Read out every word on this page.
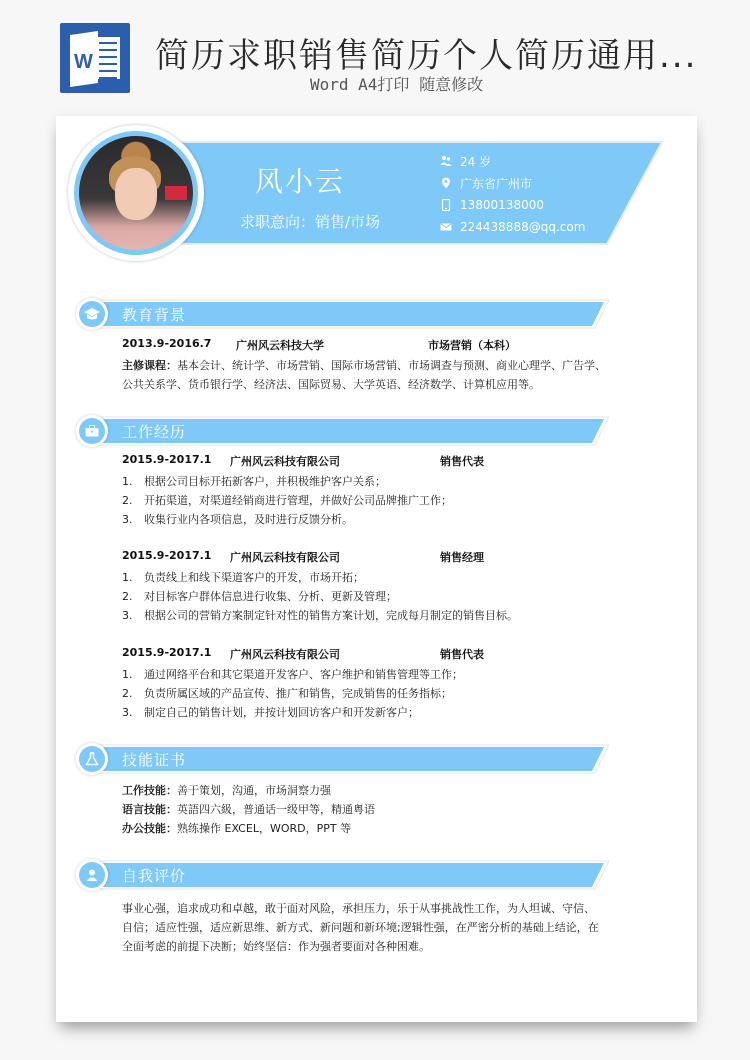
W 简历求职销售简历个人简历通用...
Word A4打印 随意修改
风小云
求职意向：销售/市场
24 岁
广东省广州市
13800138000
224438888@qq.com
教育背景
2013.9-2016.7 广州风云科技大学	市场营销（本科）
主修课程：基本会计、统计学、市场营销、国际市场营销、市场调查与预测、商业心理学、广告学、
公共关系学、货币银行学、经济法、国际贸易、大学英语、经济数学、计算机应用等。
工作经历
2015.9-2017.1 广州风云科技有限公司	销售代表
1.	根据公司目标开拓新客户，并积极维护客户关系；
2.	开拓渠道，对渠道经销商进行管理，并做好公司品牌推广工作；
3.	收集行业内各项信息，及时进行反馈分析。
2015.9-2017.1 广州风云科技有限公司	销售经理
1.	负责线上和线下渠道客户的开发，市场开拓；
2.	对目标客户群体信息进行收集、分析、更新及管理；
3.	根据公司的营销方案制定针对性的销售方案计划，完成每月制定的销售目标。
2015.9-2017.1 广州风云科技有限公司	销售代表
1.	通过网络平台和其它渠道开发客户、客户维护和销售管理等工作；
2.	负责所属区域的产品宣传、推广和销售，完成销售的任务指标；
3.	制定自己的销售计划，并按计划回访客户和开发新客户；
技能证书
工作技能：善于策划，沟通，市场洞察力强
语言技能：英語四六級，普通话一级甲等，精通粤语
办公技能：熟练操作 EXCEL，WORD，PPT 等
自我评价
事业心强，追求成功和卓越，敢于面对风险，承担压力，乐于从事挑战性工作，为人坦诚、守信、
自信；适应性强，适应新思维、新方式、新问题和新环境;逻辑性强，在严密分析的基础上结论，在
全面考虑的前提下决断；始终坚信：作为强者要面对各种困难。
